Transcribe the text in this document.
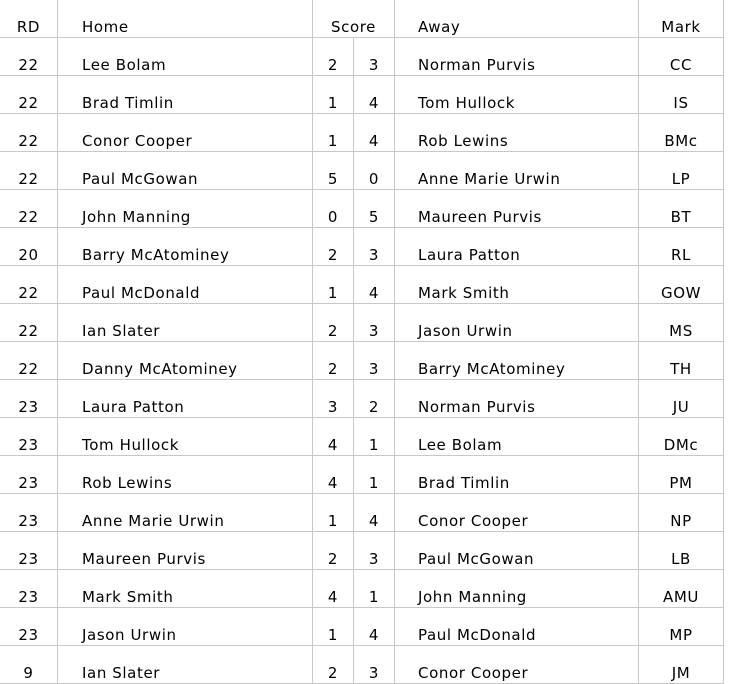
RD	Home	Score		Away	Mark
22	Lee Bolam	2	3	Norman Purvis	CC
22	Brad Timlin	1	4	Tom Hullock	IS
22	Conor Cooper	1	4	Rob Lewins	BMc
22	Paul McGowan	5	0	Anne Marie Urwin	LP
22	John Manning	0	5	Maureen Purvis	BT
20	Barry McAtominey	2	3	Laura Patton	RL
22	Paul McDonald	1	4	Mark Smith	GOW
22	Ian Slater	2	3	Jason Urwin	MS
22	Danny McAtominey	2	3	Barry McAtominey	TH
23	Laura Patton	3	2	Norman Purvis	JU
23	Tom Hullock	4	1	Lee Bolam	DMc
23	Rob Lewins	4	1	Brad Timlin	PM
23	Anne Marie Urwin	1	4	Conor Cooper	NP
23	Maureen Purvis	2	3	Paul McGowan	LB
23	Mark Smith	4	1	John Manning	AMU
23	Jason Urwin	1	4	Paul McDonald	MP
9	Ian Slater	2	3	Conor Cooper	JM
